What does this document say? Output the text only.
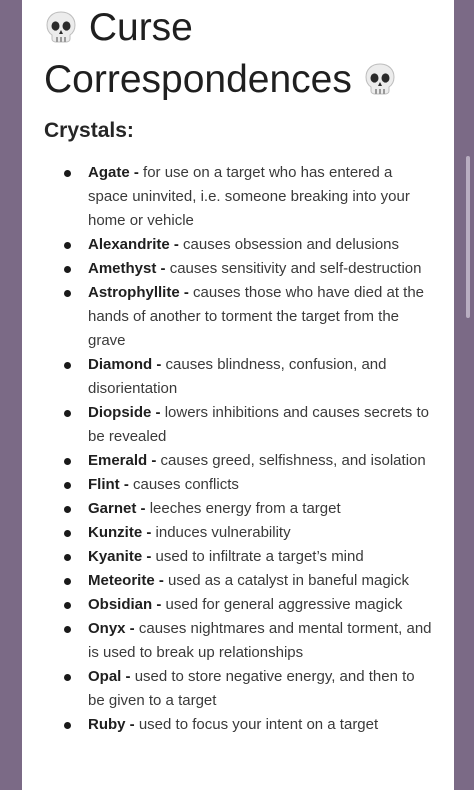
Curse
Correspondences
Crystals:
Agate - for use on a target who has entered a space uninvited, i.e. someone breaking into your home or vehicle
Alexandrite - causes obsession and delusions
Amethyst - causes sensitivity and self-destruction
Astrophyllite - causes those who have died at the hands of another to torment the target from the grave
Diamond - causes blindness, confusion, and disorientation
Diopside - lowers inhibitions and causes secrets to be revealed
Emerald - causes greed, selfishness, and isolation
Flint - causes conflicts
Garnet - leeches energy from a target
Kunzite - induces vulnerability
Kyanite - used to infiltrate a target’s mind
Meteorite - used as a catalyst in baneful magick
Obsidian - used for general aggressive magick
Onyx - causes nightmares and mental torment, and is used to break up relationships
Opal - used to store negative energy, and then to be given to a target
Ruby - used to focus your intent on a target
